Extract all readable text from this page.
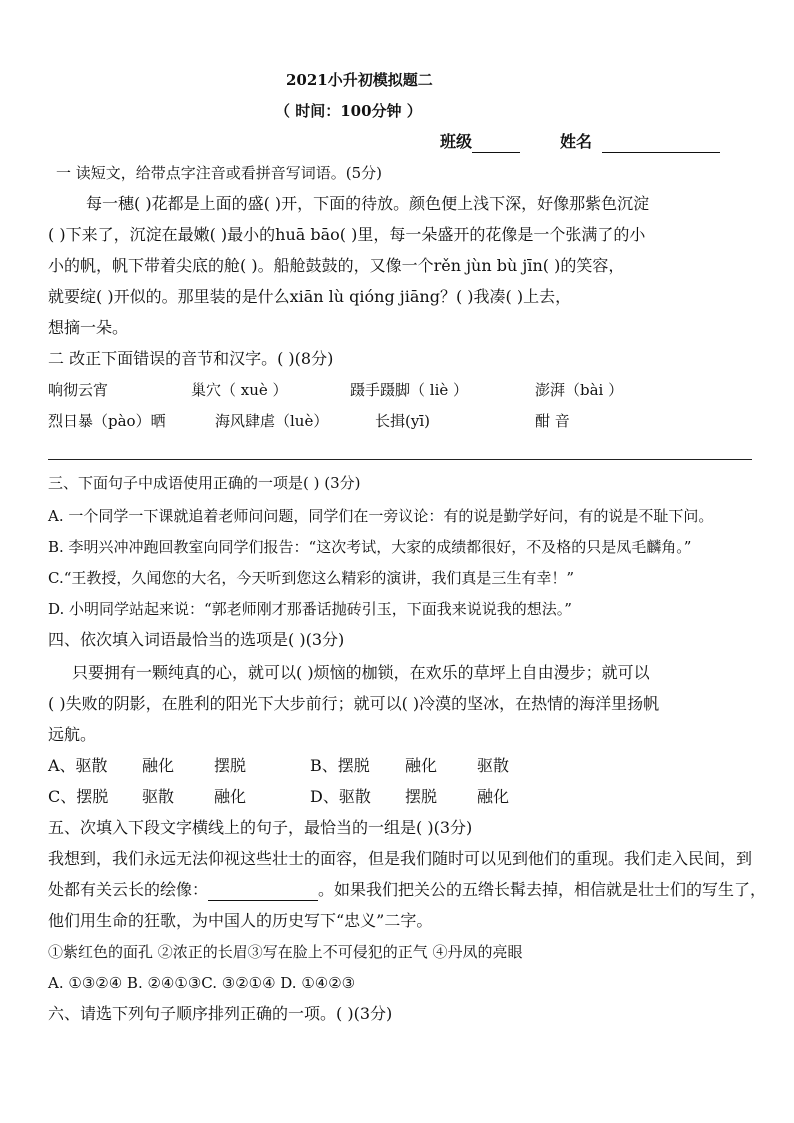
2021小升初模拟题二
（ 时间：100分钟 ）
班级	姓名
一 读短文，给带点字注音或看拼音写词语。(5分)
每一穗( )花都是上面的盛( )开，下面的待放。颜色便上浅下深，好像那紫色沉淀
( )下来了，沉淀在最嫩( )最小的huā bāo( )里，每一朵盛开的花像是一个张满了的小
小的帆，帆下带着尖底的舱( )。船舱鼓鼓的，又像一个rěn jùn bù jīn( )的笑容，
就要绽( )开似的。那里装的是什么xiān lù qióng jiāng？( )我凑( )上去，
想摘一朵。
二 改正下面错误的音节和汉字。( )(8分)
响彻云宵	巢穴（ xuè ）	蹑手蹑脚（ liè ）	澎湃（bài ）
烈日暴（pào）晒	海风肆虐（luè）	长揖(yī)	酣 音
三、下面句子中成语使用正确的一项是( ) (3分)
A. 一个同学一下课就追着老师问问题，同学们在一旁议论：有的说是勤学好问，有的说是不耻下问。
B. 李明兴冲冲跑回教室向同学们报告：“这次考试，大家的成绩都很好，不及格的只是凤毛麟角。”
C.“王教授，久闻您的大名，今天听到您这么精彩的演讲，我们真是三生有幸！”
D. 小明同学站起来说：“郭老师刚才那番话抛砖引玉，下面我来说说我的想法。”
四、依次填入词语最恰当的选项是( )(3分)
只要拥有一颗纯真的心，就可以( )烦恼的枷锁，在欢乐的草坪上自由漫步；就可以
( )失败的阴影，在胜利的阳光下大步前行；就可以( )冷漠的坚冰，在热情的海洋里扬帆
远航。
A、驱散 融化 摆脱	B、摆脱 融化 驱散
C、摆脱 驱散 融化	D、驱散 摆脱 融化
五、次填入下段文字横线上的句子，最恰当的一组是( )(3分)
我想到，我们永远无法仰视这些壮士的面容，但是我们随时可以见到他们的重现。我们走入民间，到
处都有关云长的绘像：	。如果我们把关公的五绺长髯去掉，相信就是壮士们的写生了，
他们用生命的狂歌，为中国人的历史写下“忠义”二字。
①紫红色的面孔 ②浓正的长眉③写在脸上不可侵犯的正气 ④丹凤的亮眼
A. ①③②④ B. ②④①③C. ③②①④ D. ①④②③
六、请选下列句子顺序排列正确的一项。( )(3分)
